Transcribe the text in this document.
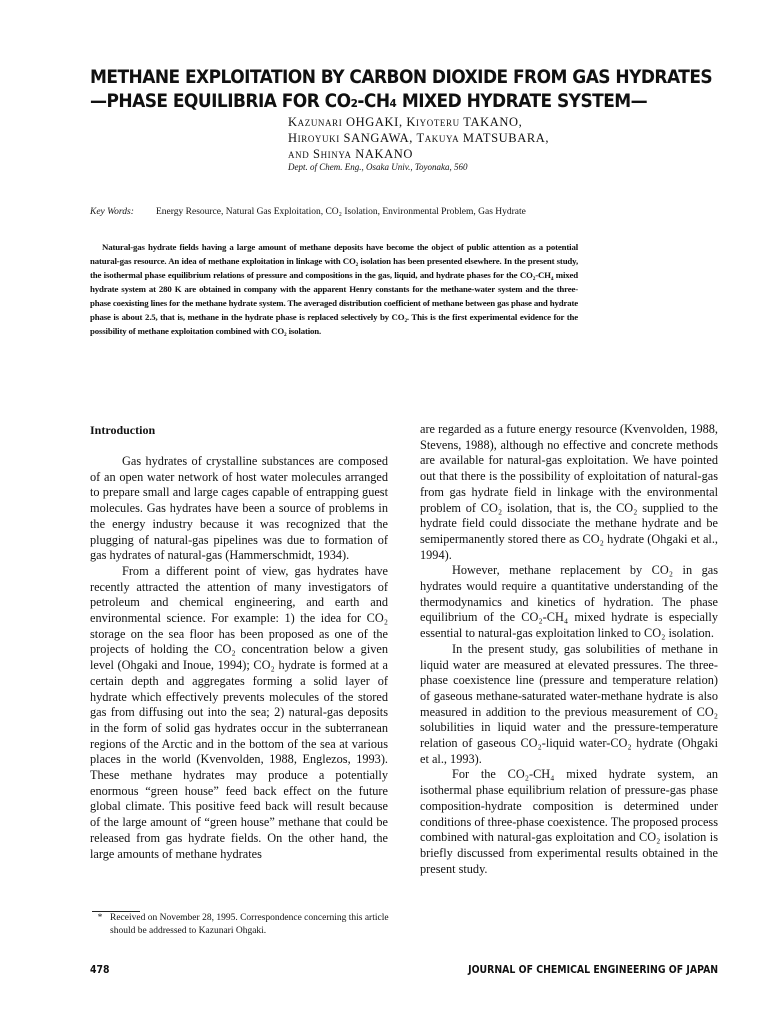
METHANE EXPLOITATION BY CARBON DIOXIDE FROM GAS HYDRATES
—PHASE EQUILIBRIA FOR CO₂-CH₄ MIXED HYDRATE SYSTEM—
Kazunari OHGAKI, Kiyoteru TAKANO,
Hiroyuki SANGAWA, Takuya MATSUBARA,
and Shinya NAKANO
Dept. of Chem. Eng., Osaka Univ., Toyonaka, 560
Key Words:	Energy Resource, Natural Gas Exploitation, CO₂ Isolation, Environmental Problem, Gas Hydrate
Natural-gas hydrate fields having a large amount of methane deposits have become the object of public attention as a potential natural-gas resource. An idea of methane exploitation in linkage with CO₂ isolation has been presented elsewhere. In the present study, the isothermal phase equilibrium relations of pressure and compositions in the gas, liquid, and hydrate phases for the CO₂-CH₄ mixed hydrate system at 280 K are obtained in company with the apparent Henry constants for the methane-water system and the three-phase coexisting lines for the methane hydrate system. The averaged distribution coefficient of methane between gas phase and hydrate phase is about 2.5, that is, methane in the hydrate phase is replaced selectively by CO₂. This is the first experimental evidence for the possibility of methane exploitation combined with CO₂ isolation.
Introduction

Gas hydrates of crystalline substances are composed of an open water network of host water molecules arranged to prepare small and large cages capable of entrapping guest molecules. Gas hydrates have been a source of problems in the energy industry because it was recognized that the plugging of natural-gas pipelines was due to formation of gas hydrates of natural-gas (Hammerschmidt, 1934).

From a different point of view, gas hydrates have recently attracted the attention of many investigators of petroleum and chemical engineering, and earth and environmental science. For example: 1) the idea for CO₂ storage on the sea floor has been proposed as one of the projects of holding the CO₂ concentration below a given level (Ohgaki and Inoue, 1994); CO₂ hydrate is formed at a certain depth and aggregates forming a solid layer of hydrate which effectively prevents molecules of the stored gas from diffusing out into the sea; 2) natural-gas deposits in the form of solid gas hydrates occur in the subterranean regions of the Arctic and in the bottom of the sea at various places in the world (Kvenvolden, 1988, Englezos, 1993). These methane hydrates may produce a potentially enormous “green house” feed back effect on the future global climate. This positive feed back will result because of the large amount of “green house” methane that could be released from gas hydrate fields. On the other hand, the large amounts of methane hydrates

are regarded as a future energy resource (Kvenvolden, 1988, Stevens, 1988), although no effective and concrete methods are available for natural-gas exploitation. We have pointed out that there is the possibility of exploitation of natural-gas from gas hydrate field in linkage with the environmental problem of CO₂ isolation, that is, the CO₂ supplied to the hydrate field could dissociate the methane hydrate and be semipermanently stored there as CO₂ hydrate (Ohgaki et al., 1994).

However, methane replacement by CO₂ in gas hydrates would require a quantitative understanding of the thermodynamics and kinetics of hydration. The phase equilibrium of the CO₂-CH₄ mixed hydrate is especially essential to natural-gas exploitation linked to CO₂ isolation.

In the present study, gas solubilities of methane in liquid water are measured at elevated pressures. The three-phase coexistence line (pressure and temperature relation) of gaseous methane-saturated water-methane hydrate is also measured in addition to the previous measurement of CO₂ solubilities in liquid water and the pressure-temperature relation of gaseous CO₂-liquid water-CO₂ hydrate (Ohgaki et al., 1993).

For the CO₂-CH₄ mixed hydrate system, an isothermal phase equilibrium relation of pressure-gas phase composition-hydrate composition is determined under conditions of three-phase coexistence. The proposed process combined with natural-gas exploitation and CO₂ isolation is briefly discussed from experimental results obtained in the present study.

* Received on November 28, 1995. Correspondence concerning this article should be addressed to Kazunari Ohgaki.
478	JOURNAL OF CHEMICAL ENGINEERING OF JAPAN
